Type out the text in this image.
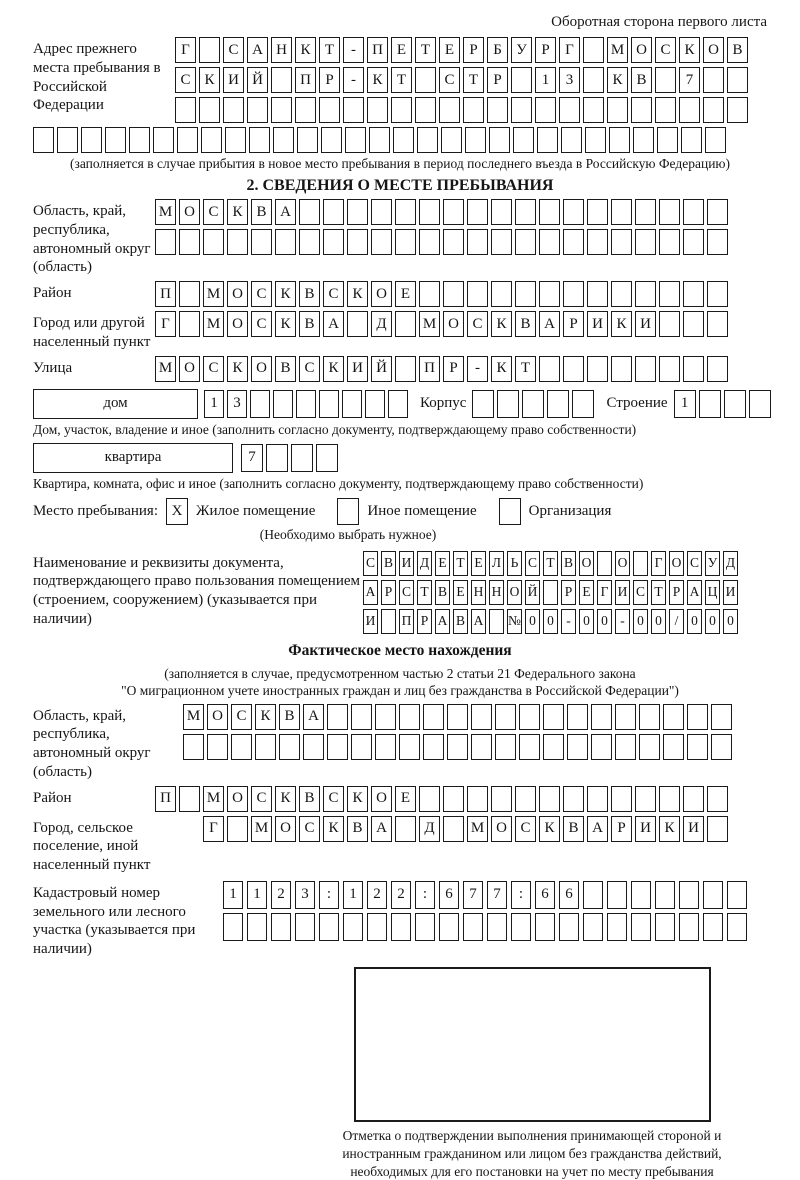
Оборотная сторона первого листа
Адрес прежнего места пребывания в Российской Федерации
Г	С А Н К Т	-	П Е Т Е	Р	Б У Р	Г	М О С К О В
С К И Й	П Р	-	К Т	С Т	Р	1	3	К В	7
(заполняется в случае прибытия в новое место пребывания в период последнего въезда в Российскую Федерацию)
2. СВЕДЕНИЯ О МЕСТЕ ПРЕБЫВАНИЯ
Область, край, республика, автономный округ (область)
М О С К В А
Район	П	М О С К В С К О Е
Город или другой населенный пункт
Г	М О С К В А	Д	М О С К В А Р И К И
Улица	М О С К О В С К И Й	П Р	-	К Т
дом	1	3	Корпус	Строение 1
Дом, участок, владение и иное (заполнить согласно документу, подтверждающему право собственности)
квартира	7
Квартира, комната, офис и иное (заполнить согласно документу, подтверждающему право собственности)
Место пребывания: X Жилое помещение	Иное помещение	Организация
(Необходимо выбрать нужное)
Наименование и реквизиты документа, подтверждающего право пользования помещением (строением, сооружением) (указывается при наличии)
С В И Д Е Т Е Л Ь С Т В О О Г О С У Д
А Р С Т В Е Н Н О Й Р Е Г И С Т Р А Ц И
И П Р А В А № 0 0 - 0 0 - 0 0 / 0 0 0
Фактическое место нахождения
(заполняется в случае, предусмотренном частью 2 статьи 21 Федерального закона
"О миграционном учете иностранных граждан и лиц без гражданства в Российской Федерации")
Область, край, республика, автономный округ (область)
М О С К В А
Район	П	М О С К В С К О Е
Город, сельское поселение, иной населенный пункт
Г	М О С К В А	Д	М О С К В А Р И К И
Кадастровый номер земельного или лесного участка (указывается при наличии)
1	1	2	3	:	1	2	2	:	6	7	7	:	6	6
Отметка о подтверждении выполнения принимающей стороной и иностранным гражданином или лицом без гражданства действий, необходимых для его постановки на учет по месту пребывания
